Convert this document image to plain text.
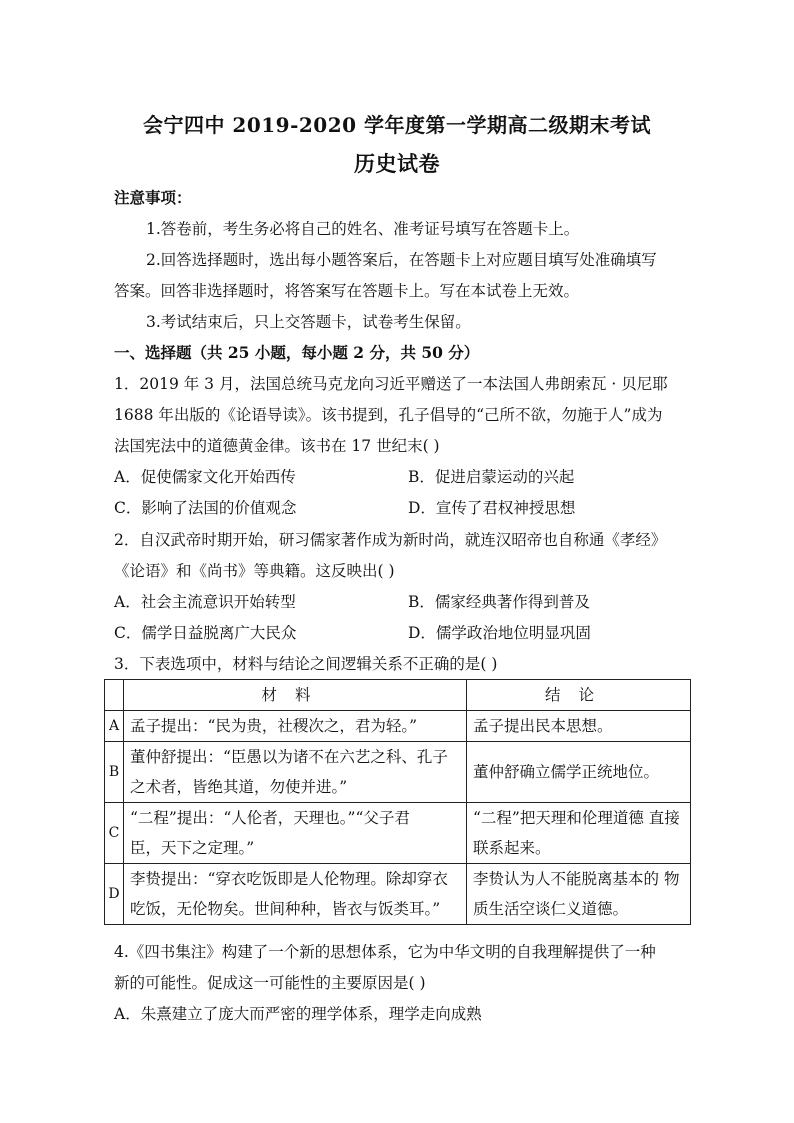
会宁四中 2019-2020 学年度第一学期高二级期末考试
历史试卷
注意事项：
1.答卷前，考生务必将自己的姓名、准考证号填写在答题卡上。
2.回答选择题时，选出每小题答案后，在答题卡上对应题目填写处准确填写
答案。回答非选择题时，将答案写在答题卡上。写在本试卷上无效。
3.考试结束后，只上交答题卡，试卷考生保留。
一、选择题（共 25 小题，每小题 2 分，共 50 分）
1．2019 年 3 月，法国总统马克龙向习近平赠送了一本法国人弗朗索瓦 · 贝尼耶
1688 年出版的《论语导读》。该书提到，孔子倡导的“己所不欲，勿施于人”成为
法国宪法中的道德黄金律。该书在 17 世纪末( )
A．促使儒家文化开始西传	B．促进启蒙运动的兴起
C．影响了法国的价值观念	D．宣传了君权神授思想
2．自汉武帝时期开始，研习儒家著作成为新时尚，就连汉昭帝也自称通《孝经》
《论语》和《尚书》等典籍。这反映出( )
A．社会主流意识开始转型	B．儒家经典著作得到普及
C．儒学日益脱离广大民众	D．儒学政治地位明显巩固
3．下表选项中，材料与结论之间逻辑关系不正确的是( )
	材料	结论
A	孟子提出：“民为贵，社稷次之，君为轻。”	孟子提出民本思想。
B	董仲舒提出：“臣愚以为诸不在六艺之科、孔子
之术者，皆绝其道，勿使并进。”	董仲舒确立儒学正统地位。
C	“二程”提出：“人伦者，天理也。”“父子君
臣，天下之定理。”	“二程”把天理和伦理道德 直接联系起来。
D	李贽提出：“穿衣吃饭即是人伦物理。除却穿衣
吃饭，无伦物矣。世间种种，皆衣与饭类耳。”	李贽认为人不能脱离基本的 物质生活空谈仁义道德。
4.《四书集注》构建了一个新的思想体系，它为中华文明的自我理解提供了一种
新的可能性。促成这一可能性的主要原因是( )
A．朱熹建立了庞大而严密的理学体系，理学走向成熟
